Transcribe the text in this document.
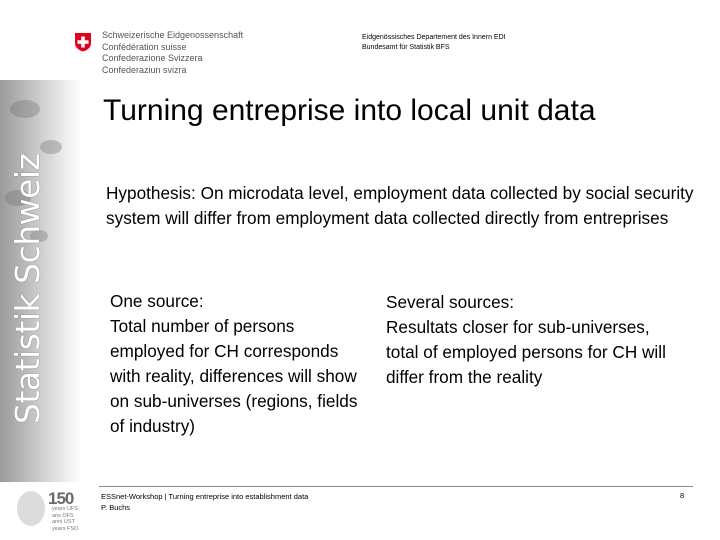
Statistik Schweiz
Schweizerische Eidgenossenschaft
Confédération suisse
Confederazione Svizzera
Confederaziun svizra
Eidgenössisches Departement des Innern EDI
Bundesamt für Statistik BFS
Turning entreprise into local unit data
Hypothesis: On microdata level, employment data collected by social security system will differ from employment data collected directly from entreprises
One source:
Total number of persons employed for CH corresponds with reality, differences will show on sub-universes (regions, fields of industry)
Several sources:
Resultats closer for sub-universes, total of employed persons for CH will differ from the reality
150
years UFS
ans OFS
anni UST
years FSO
ESSnet-Workshop | Turning entreprise into establishment data
P. Buchs
8
